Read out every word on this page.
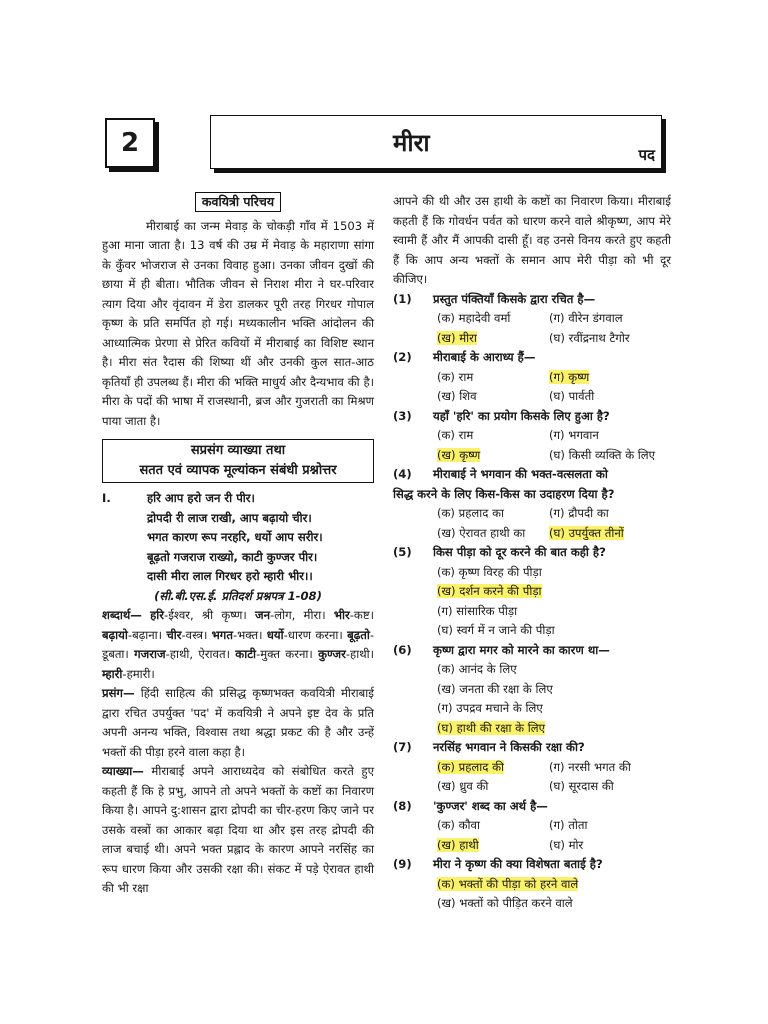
2	मीरा	पद
कवयित्री परिचय

मीराबाई का जन्म मेवाड़ के चोकड़ी गाँव में 1503 में हुआ माना जाता है। 13 वर्ष की उम्र में मेवाड़ के महाराणा सांगा के कुँवर भोजराज से उनका विवाह हुआ। उनका जीवन दुखों की छाया में ही बीता। भौतिक जीवन से निराश मीरा ने घर-परिवार त्याग दिया और वृंदावन में डेरा डालकर पूरी तरह गिरधर गोपाल कृष्ण के प्रति समर्पित हो गई। मध्यकालीन भक्ति आंदोलन की आध्यात्मिक प्रेरणा से प्रेरित कवियों में मीराबाई का विशिष्ट स्थान है। मीरा संत रैदास की शिष्या थीं और उनकी कुल सात-आठ कृतियाँ ही उपलब्ध हैं। मीरा की भक्ति माधुर्य और दैन्यभाव की है। मीरा के पदों की भाषा में राजस्थानी, ब्रज और गुजराती का मिश्रण पाया जाता है।

सप्रसंग व्याख्या तथा
सतत एवं व्यापक मूल्यांकन संबंधी प्रश्नोत्तर
I.	हरि आप हरो जन री पीर।
द्रोपदी री लाज राखी, आप बढ़ायो चीर।
भगत कारण रूप नरहरि, धर्यो आप सरीर।
बूढ़तो गजराज राख्यो, काटी कुण्जर पीर।
दासी मीरा लाल गिरधर हरो म्हारी भीर।।
(सी.बी.एस.ई. प्रतिदर्श प्रश्नपत्र 1-08)

शब्दार्थ— हरि-ईश्वर, श्री कृष्ण। जन-लोग, मीरा। भीर-कष्ट। बढ़ायो-बढ़ाना। चीर-वस्त्र। भगत-भक्त। धर्यो-धारण करना। बूढ़तो-डूबता। गजराज-हाथी, ऐरावत। काटी-मुक्त करना। कुण्जर-हाथी। म्हारी-हमारी।

प्रसंग— हिंदी साहित्य की प्रसिद्ध कृष्णभक्त कवयित्री मीराबाई द्वारा रचित उपर्युक्त 'पद' में कवयित्री ने अपने इष्ट देव के प्रति अपनी अनन्य भक्ति, विश्वास तथा श्रद्धा प्रकट की है और उन्हें भक्तों की पीड़ा हरने वाला कहा है।

व्याख्या— मीराबाई अपने आराध्यदेव को संबोधित करते हुए कहती हैं कि हे प्रभु, आपने तो अपने भक्तों के कष्टों का निवारण किया है। आपने दु:शासन द्वारा द्रोपदी का चीर-हरण किए जाने पर उसके वस्त्रों का आकार बढ़ा दिया था और इस तरह द्रोपदी की लाज बचाई थी। अपने भक्त प्रह्लाद के कारण आपने नरसिंह का रूप धारण किया और उसकी रक्षा की। संकट में पड़े ऐरावत हाथी की भी रक्षा

आपने की थी और उस हाथी के कष्टों का निवारण किया। मीराबाई कहती हैं कि गोवर्धन पर्वत को धारण करने वाले श्रीकृष्ण, आप मेरे स्वामी हैं और मैं आपकी दासी हूँ। वह उनसे विनय करते हुए कहती हैं कि आप अन्य भक्तों के समान आप मेरी पीड़ा को भी दूर कीजिए।

(1)	प्रस्तुत पंक्तियाँ किसके द्वारा रचित है—
(क) महादेवी वर्मा	(ग) वीरेन डंगवाल
(ख) मीरा	(घ) रवींद्रनाथ टैगोर
(2)	मीराबाई के आराध्य हैं—
(क) राम	(ग) कृष्ण
(ख) शिव	(घ) पार्वती
(3)	यहाँ 'हरि' का प्रयोग किसके लिए हुआ है?
(क) राम	(ग) भगवान
(ख) कृष्ण	(घ) किसी व्यक्ति के लिए
(4)	मीराबाई ने भगवान की भक्त-वत्सलता को
सिद्ध करने के लिए किस-किस का उदाहरण दिया है?
(क) प्रहलाद का	(ग) द्रौपदी का
(ख) ऐरावत हाथी का	(घ) उपर्युक्त तीनों
(5)	किस पीड़ा को दूर करने की बात कही है?
(क) कृष्ण विरह की पीड़ा
(ख) दर्शन करने की पीड़ा
(ग) सांसारिक पीड़ा
(घ) स्वर्ग में न जाने की पीड़ा
(6)	कृष्ण द्वारा मगर को मारने का कारण था—
(क) आनंद के लिए
(ख) जनता की रक्षा के लिए
(ग) उपद्रव मचाने के लिए
(घ) हाथी की रक्षा के लिए
(7)	नरसिंह भगवान ने किसकी रक्षा की?
(क) प्रहलाद की	(ग) नरसी भगत की
(ख) ध्रुव की	(घ) सूरदास की
(8)	'कुण्जर' शब्द का अर्थ है—
(क) कौवा	(ग) तोता
(ख) हाथी	(घ) मोर
(9)	मीरा ने कृष्ण की क्या विशेषता बताई है?
(क) भक्तों की पीड़ा को हरने वाले
(ख) भक्तों को पीड़ित करने वाले
